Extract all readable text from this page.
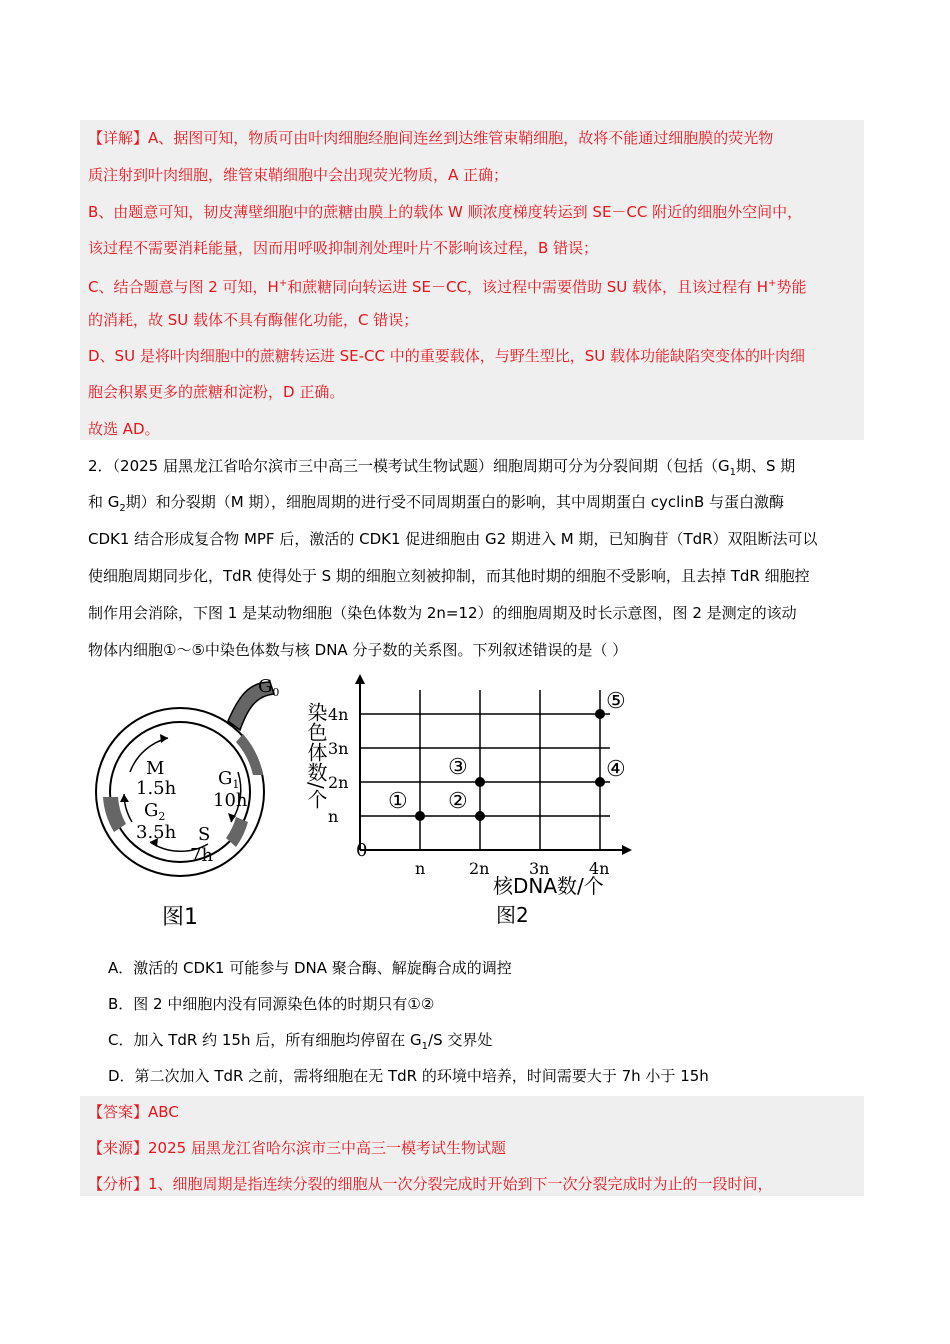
【详解】A、据图可知，物质可由叶肉细胞经胞间连丝到达维管束鞘细胞，故将不能通过细胞膜的荧光物
质注射到叶肉细胞，维管束鞘细胞中会出现荧光物质，A 正确；
B、由题意可知，韧皮薄壁细胞中的蔗糖由膜上的载体 W 顺浓度梯度转运到 SE－CC 附近的细胞外空间中，
该过程不需要消耗能量，因而用呼吸抑制剂处理叶片不影响该过程，B 错误；
C、结合题意与图 2 可知，H+和蔗糖同向转运进 SE－CC，该过程中需要借助 SU 载体，且该过程有 H+势能
的消耗，故 SU 载体不具有酶催化功能，C 错误；
D、SU 是将叶肉细胞中的蔗糖转运进 SE-CC 中的重要载体，与野生型比，SU 载体功能缺陷突变体的叶肉细
胞会积累更多的蔗糖和淀粉，D 正确。
故选 AD。
2．（2025 届黑龙江省哈尔滨市三中高三一模考试生物试题）细胞周期可分为分裂间期（包括（$G_1$期、S 期
和 $G_2$期）和分裂期（M 期），细胞周期的进行受不同周期蛋白的影响，其中周期蛋白 cyclinB 与蛋白激酶
CDK1 结合形成复合物 MPF 后，激活的 CDK1 促进细胞由 G2 期进入 M 期，已知胸苷（TdR）双阻断法可以
使细胞周期同步化，TdR 使得处于 S 期的细胞立刻被抑制，而其他时期的细胞不受影响，且去掉 TdR 细胞控
制作用会消除，下图 1 是某动物细胞（染色体数为 2n=12）的细胞周期及时长示意图，图 2 是测定的该动
物体内细胞①～⑤中染色体数与核 DNA 分子数的关系图。下列叙述错误的是（ ）
$G_0$
M
1.5h
$G_2$
3.5h
$G_1$
10h
S
7h
图1
n
2n
3n
4n
n	2n 3n 4n
① ②
③	④
⑤
0
核DNA数/个
染色体数/个
图2
A．激活的 CDK1 可能参与 DNA 聚合酶、解旋酶合成的调控
B．图 2 中细胞内没有同源染色体的时期只有①②
C．加入 TdR 约 15h 后，所有细胞均停留在 $G_1/S$ 交界处
D．第二次加入 TdR 之前，需将细胞在无 TdR 的环境中培养，时间需要大于 7h 小于 15h
【答案】ABC
【来源】2025 届黑龙江省哈尔滨市三中高三一模考试生物试题
【分析】1、细胞周期是指连续分裂的细胞从一次分裂完成时开始到下一次分裂完成时为止的一段时间，
